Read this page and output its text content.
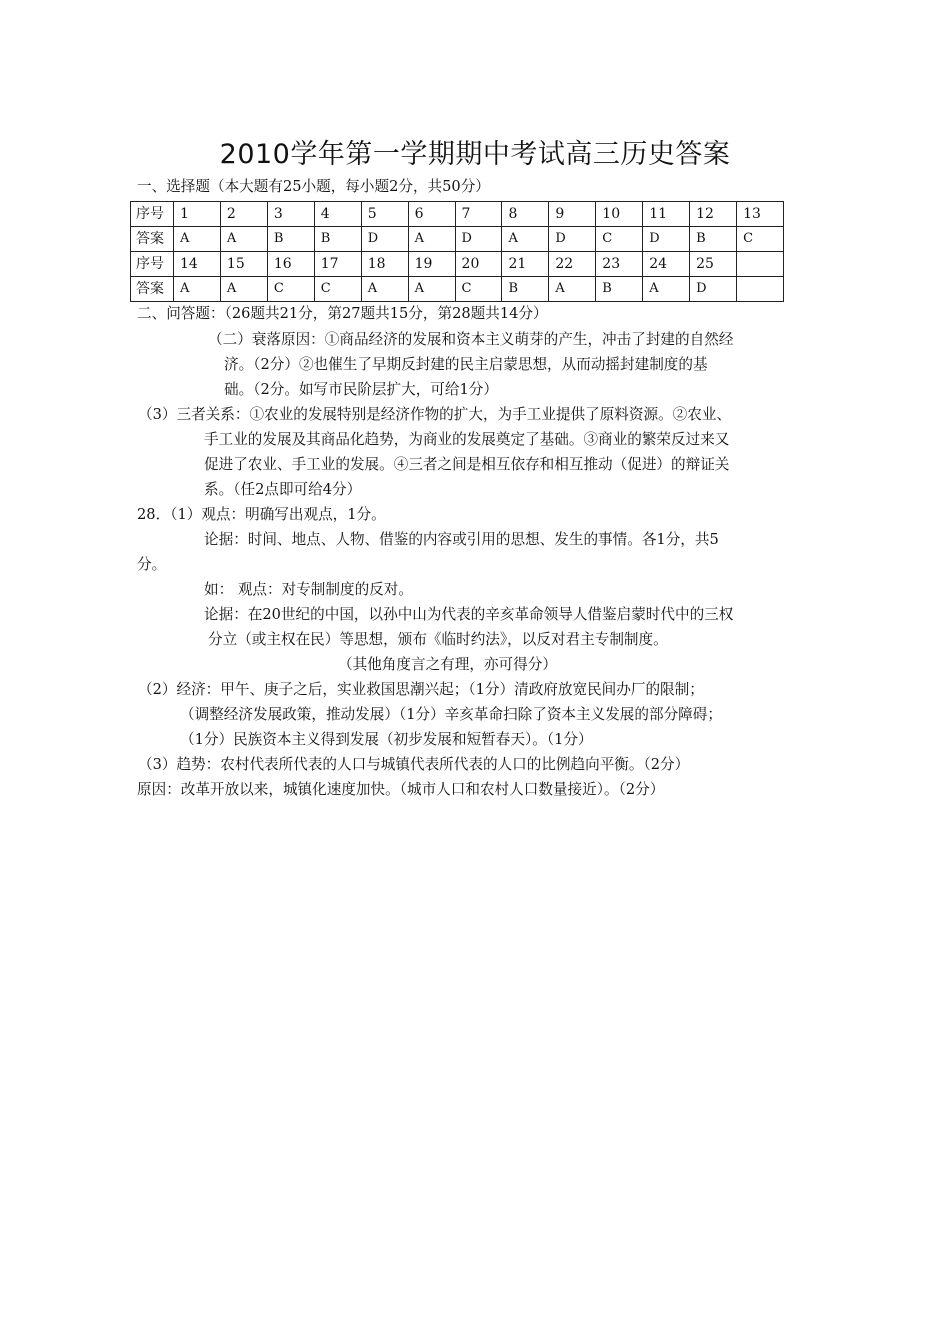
2010学年第一学期期中考试高三历史答案
一、选择题（本大题有25小题，每小题2分，共50分）
序号	1	2	3	4	5	6	7	8	9	10	11	12	13
答案	A	A	B	B	D	A	D	A	D	C	D	B	C
序号	14	15	16	17	18	19	20	21	22	23	24	25	
答案	A	A	C	C	A	A	C	B	A	B	A	D	
二、问答题：（26题共21分，第27题共15分，第28题共14分）
（二）衰落原因：①商品经济的发展和资本主义萌芽的产生，冲击了封建的自然经
济。（2分）②也催生了早期反封建的民主启蒙思想，从而动摇封建制度的基
础。（2分。如写市民阶层扩大，可给1分）
（3）三者关系：①农业的发展特别是经济作物的扩大，为手工业提供了原料资源。②农业、
手工业的发展及其商品化趋势，为商业的发展奠定了基础。③商业的繁荣反过来又
促进了农业、手工业的发展。④三者之间是相互依存和相互推动（促进）的辩证关
系。（任2点即可给4分）
28．（1）观点：明确写出观点，1分。
论据：时间、地点、人物、借鉴的内容或引用的思想、发生的事情。各1分，共5
分。
如： 观点：对专制制度的反对。
论据：在20世纪的中国，以孙中山为代表的辛亥革命领导人借鉴启蒙时代中的三权
分立（或主权在民）等思想，颁布《临时约法》，以反对君主专制制度。
（其他角度言之有理，亦可得分）
（2）经济：甲午、庚子之后，实业救国思潮兴起；（1分）清政府放宽民间办厂的限制；
（调整经济发展政策，推动发展）（1分）辛亥革命扫除了资本主义发展的部分障碍；
（1分）民族资本主义得到发展（初步发展和短暂春天）。（1分）
（3）趋势：农村代表所代表的人口与城镇代表所代表的人口的比例趋向平衡。（2分）
原因：改革开放以来，城镇化速度加快。（城市人口和农村人口数量接近）。（2分）
